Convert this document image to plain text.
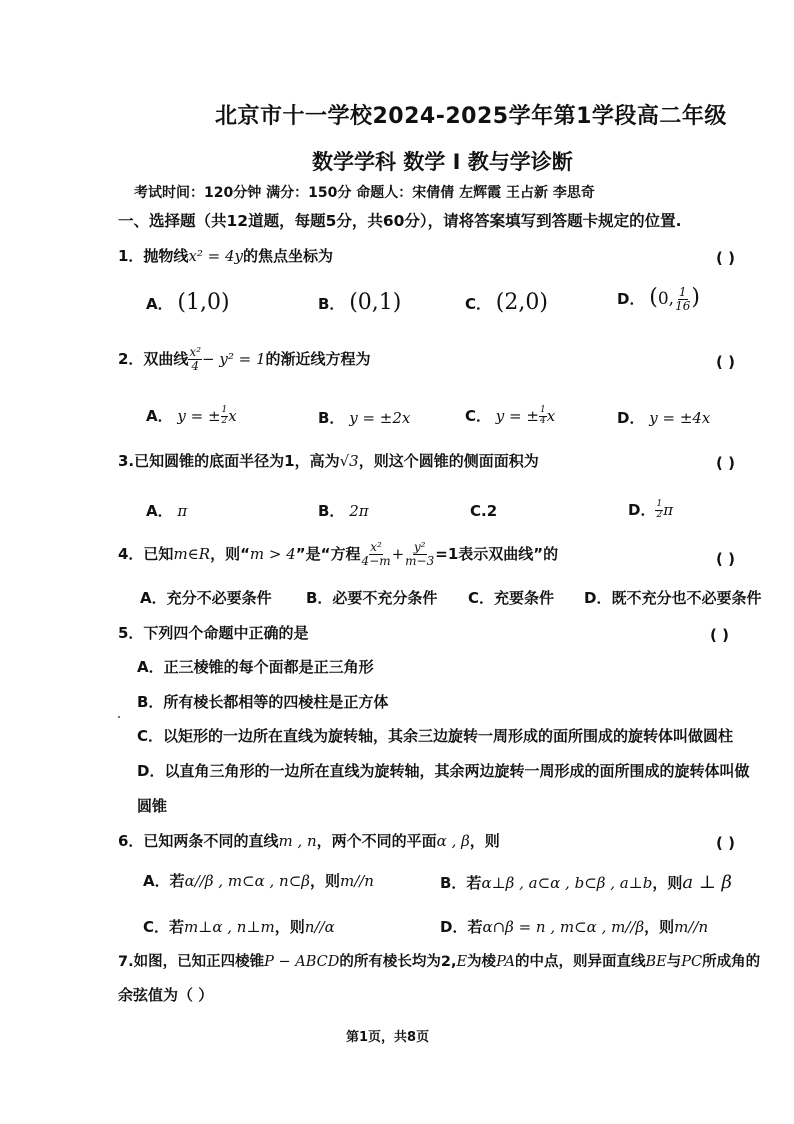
北京市十一学校2024-2025学年第1学段高二年级
数学学科 数学 I 教与学诊断
考试时间：120分钟 满分：150分 命题人：宋倩倩 左辉霞 王占新 李思奇
一、选择题（共12道题，每题5分，共60分），请将答案填写到答题卡规定的位置.
1．抛物线x² = 4y的焦点坐标为	( )
A． (1,0)	B． (0,1)	C． (2,0)	D． (0, $\frac{1}{16}$ )
2．双曲线 $\frac{\text{x²}}{4} - y^2 = 1$的渐近线方程为	( )
A． y = ± $\frac{1}{2}$ x	B． y = ±2x	C． y = ± $\frac{1}{4}$ x	D． y = ±4x
3.已知圆锥的底面半径为1，高为√3，则这个圆锥的侧面面积为	( )
A． π	B． 2π	C.2	D． $\frac{1}{2}$ π
4．已知m∈R，则“m > 4”是“方程 $\frac{\text{x²}}{4-m} + \frac{\text{y²}}{m-3} =1$表示双曲线”的	( )
A．充分不必要条件 B．必要不充分条件 C．充要条件 D．既不充分也不必要条件
5．下列四个命题中正确的是	( )
A．正三棱锥的每个面都是正三角形
B．所有棱长都相等的四棱柱是正方体
C．以矩形的一边所在直线为旋转轴，其余三边旋转一周形成的面所围成的旋转体叫做圆柱
D．以直角三角形的一边所在直线为旋转轴，其余两边旋转一周形成的面所围成的旋转体叫做
圆锥
6．已知两条不同的直线m , n，两个不同的平面α , β，则	( )
A．若α//β , m⊂α , n⊂β，则m//n	B．若α⊥β , a⊂α , b⊂β , a⊥b，则a ⊥ β
C．若m⊥α , n⊥m，则n//α	D．若α∩β = n , m⊂α , m//β，则m//n
7.如图，已知正四棱锥P − ABCD的所有棱长均为2,E为棱PA的中点，则异面直线BE与PC所成角的
余弦值为（ ）
第1页，共8页
